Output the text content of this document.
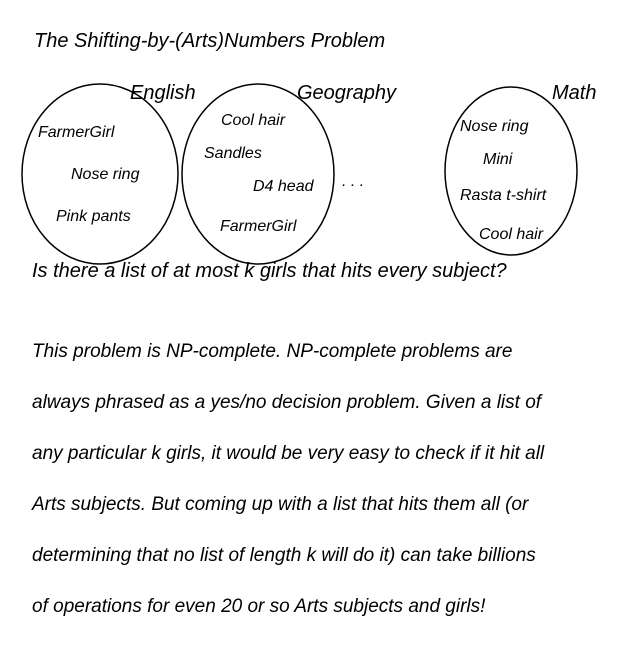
The Shifting-by-(Arts)Numbers Problem
English
FarmerGirl
Nose ring
Pink pants
Geography
Cool hair
Sandles
D4 head
FarmerGirl
. . .
Math
Nose ring
Mini
Rasta t-shirt
Cool hair
Is there a list of at most k girls that hits every subject?

This problem is NP-complete. NP-complete problems are

always phrased as a yes/no decision problem. Given a list of

any particular k girls, it would be very easy to check if it hit all

Arts subjects. But coming up with a list that hits them all (or

determining that no list of length k will do it) can take billions

of operations for even 20 or so Arts subjects and girls!
